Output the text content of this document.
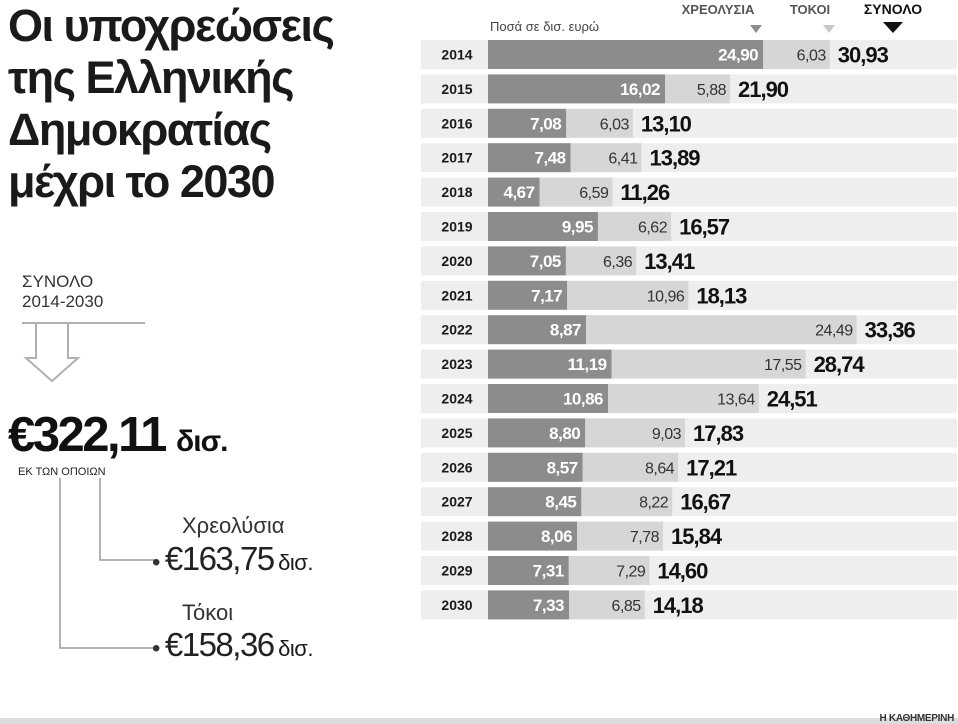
Οι υποχρεώσεις
της Ελληνικής
Δημοκρατίας
μέχρι το 2030
ΣΥΝΟΛΟ
2014-2030
€322,11 δισ.
ΕΚ ΤΩΝ ΟΠΟΙΩΝ
Χρεολύσια
• €163,75 δισ.
Τόκοι
• €158,36 δισ.
Ποσά σε δισ. ευρώ
ΧΡΕΟΛΥΣΙΑ	ΤΟΚΟΙ ΣΥΝΟΛΟ
2014	24,90 6,03 30,93
2015	16,02 5,88 21,90
2016	7,08 6,03 13,10
2017	7,48	6,41 13,89
2018 4,67	6,59 11,26
2019	9,95	6,62 16,57
2020	7,05	6,36 13,41
2021	7,17	10,96 18,13
2022	8,87	24,49 33,36
2023	11,19	17,55 28,74
2024	10,86	13,64 24,51
2025	8,80	9,03 17,83
2026	8,57	8,64 17,21
2027	8,45	8,22 16,67
2028	8,06	7,78 15,84
2029	7,31	7,29 14,60
2030	7,33	6,85 14,18
Η ΚΑΘΗΜΕΡΙΝΗ
